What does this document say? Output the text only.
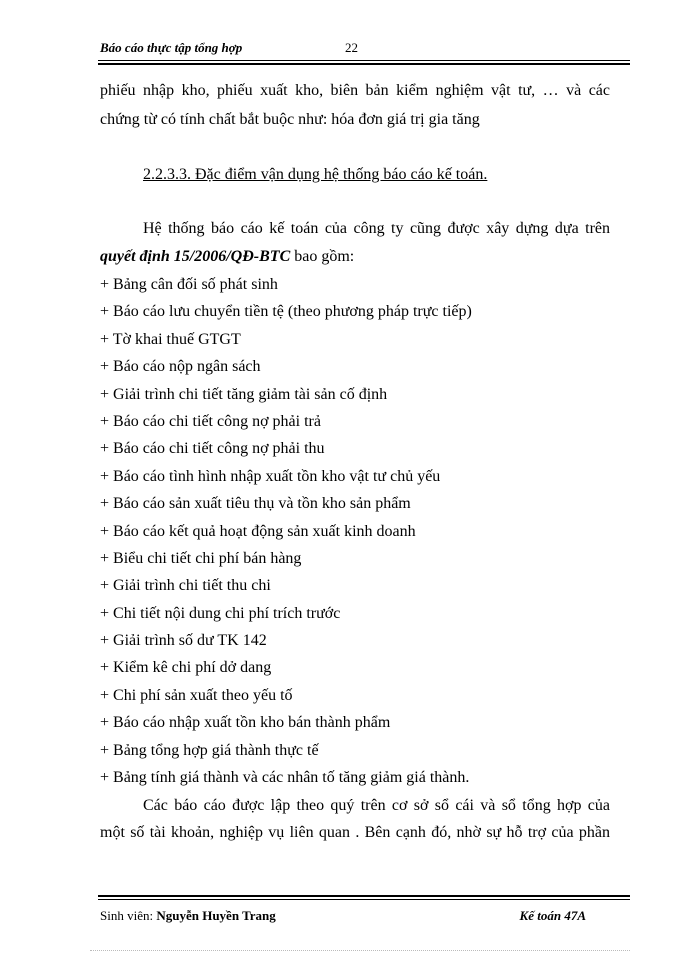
Báo cáo thực tập tổng hợp	22
phiếu nhập kho, phiếu xuất kho, biên bản kiểm nghiệm vật tư, … và các
chứng từ có tính chất bắt buộc như: hóa đơn giá trị gia tăng
2.2.3.3. Đặc điểm vận dụng hệ thống báo cáo kế toán.
Hệ thống báo cáo kế toán của công ty cũng được xây dựng dựa trên
quyết định 15/2006/QĐ-BTC bao gồm:
+ Bảng cân đối số phát sinh
+ Báo cáo lưu chuyển tiền tệ (theo phương pháp trực tiếp)
+ Tờ khai thuế GTGT
+ Báo cáo nộp ngân sách
+ Giải trình chi tiết tăng giảm tài sản cố định
+ Báo cáo chi tiết công nợ phải trả
+ Báo cáo chi tiết công nợ phải thu
+ Báo cáo tình hình nhập xuất tồn kho vật tư chủ yếu
+ Báo cáo sản xuất tiêu thụ và tồn kho sản phẩm
+ Báo cáo kết quả hoạt động sản xuất kinh doanh
+ Biểu chi tiết chi phí bán hàng
+ Giải trình chi tiết thu chi
+ Chi tiết nội dung chi phí trích trước
+ Giải trình số dư TK 142
+ Kiểm kê chi phí dở dang
+ Chi phí sản xuất theo yếu tố
+ Báo cáo nhập xuất tồn kho bán thành phẩm
+ Bảng tổng hợp giá thành thực tế
+ Bảng tính giá thành và các nhân tố tăng giảm giá thành.
Các báo cáo được lập theo quý trên cơ sở sổ cái và sổ tổng hợp của
một số tài khoản, nghiệp vụ liên quan . Bên cạnh đó, nhờ sự hỗ trợ của phần
Sinh viên: Nguyễn Huyền Trang	Kế toán 47A
